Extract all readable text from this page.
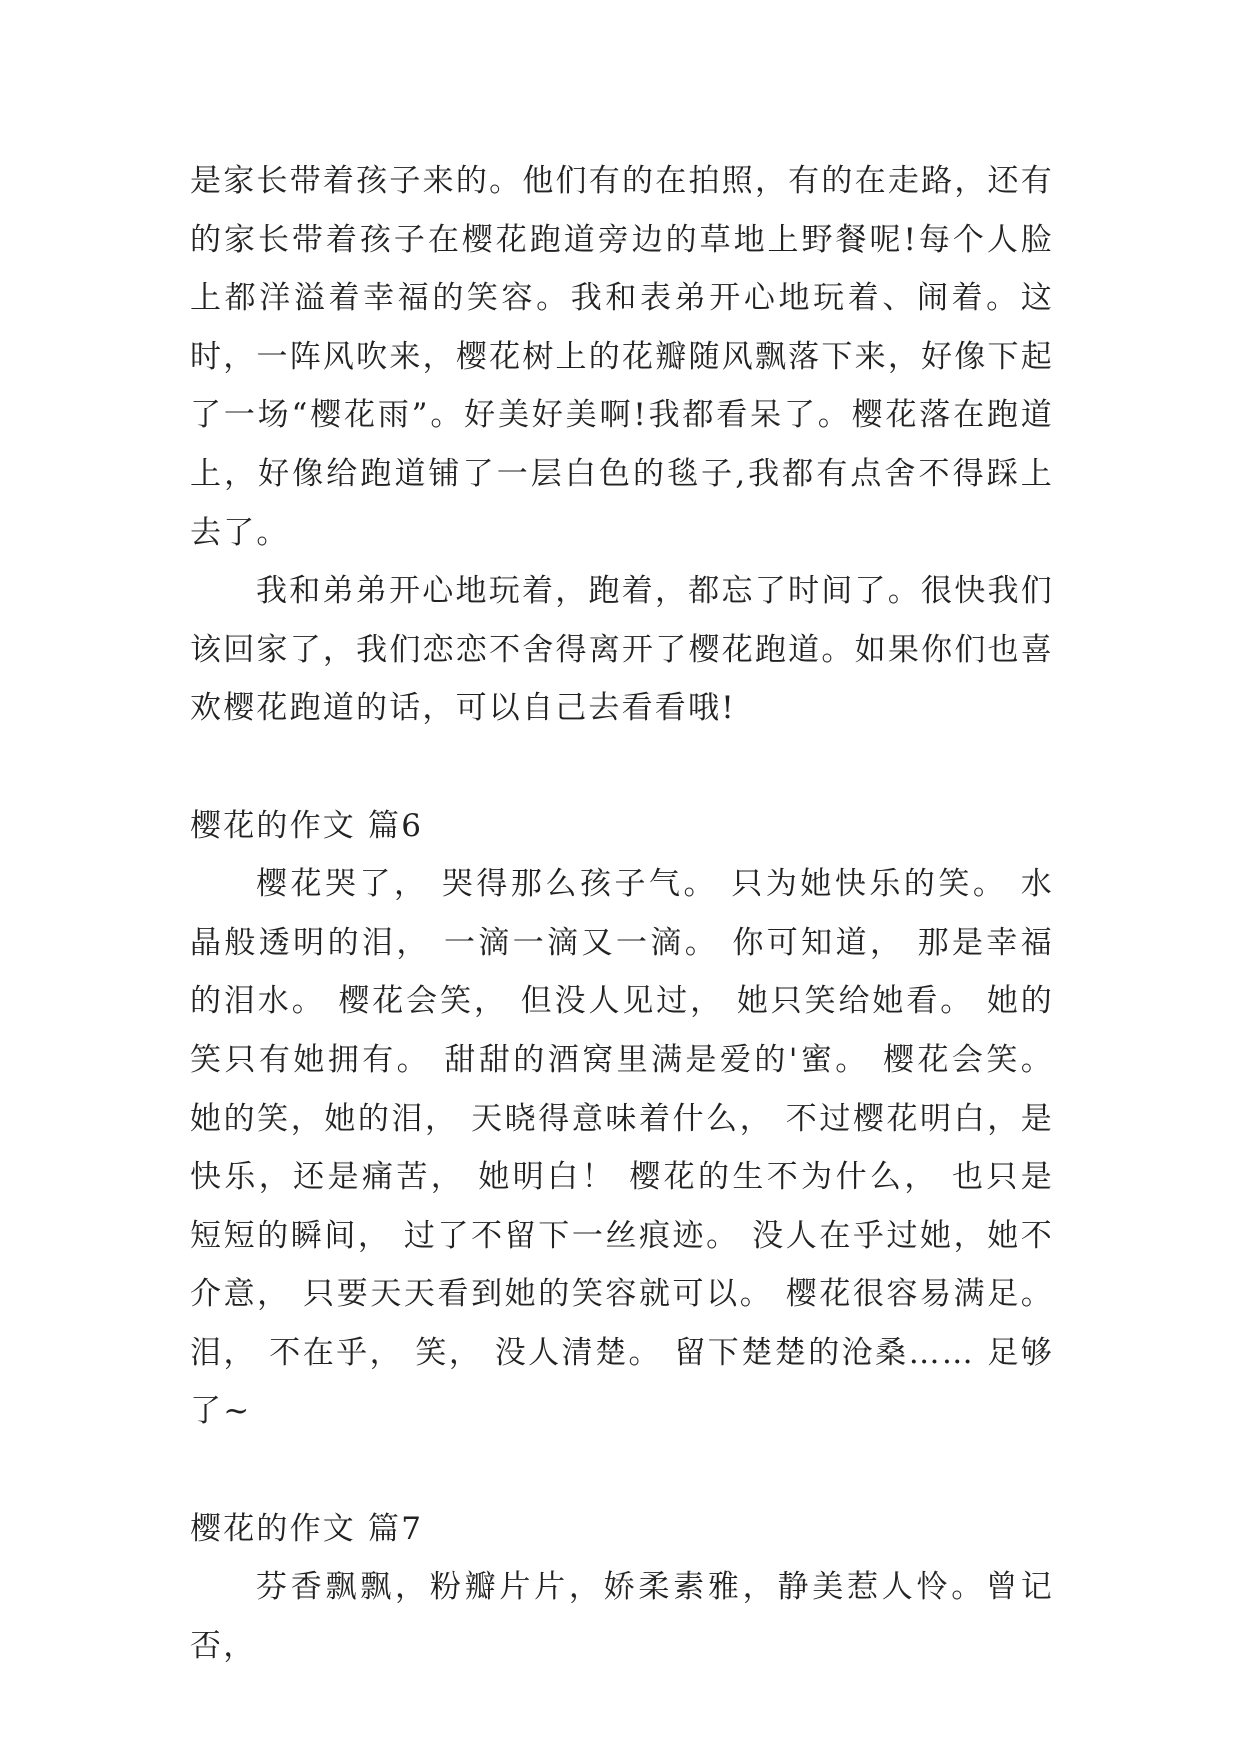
是家长带着孩子来的。他们有的在拍照，有的在走路，还有的家长带着孩子在樱花跑道旁边的草地上野餐呢!每个人脸上都洋溢着幸福的笑容。我和表弟开心地玩着、闹着。这时，一阵风吹来，樱花树上的花瓣随风飘落下来，好像下起了一场“樱花雨”。好美好美啊!我都看呆了。樱花落在跑道上，好像给跑道铺了一层白色的毯子,我都有点舍不得踩上去了。

我和弟弟开心地玩着，跑着，都忘了时间了。很快我们该回家了，我们恋恋不舍得离开了樱花跑道。如果你们也喜欢樱花跑道的话，可以自己去看看哦!

樱花的作文 篇6

樱花哭了， 哭得那么孩子气。 只为她快乐的笑。 水晶般透明的泪， 一滴一滴又一滴。 你可知道， 那是幸福的泪水。 樱花会笑， 但没人见过， 她只笑给她看。 她的笑只有她拥有。 甜甜的酒窝里满是爱的'蜜。 樱花会笑。 她的笑，她的泪， 天晓得意味着什么， 不过樱花明白，是快乐，还是痛苦， 她明白！ 樱花的生不为什么， 也只是短短的瞬间， 过了不留下一丝痕迹。 没人在乎过她，她不介意， 只要天天看到她的笑容就可以。 樱花很容易满足。 泪， 不在乎， 笑， 没人清楚。 留下楚楚的沧桑…… 足够了~

樱花的作文 篇7

芬香飘飘，粉瓣片片，娇柔素雅，静美惹人怜。曾记否，
